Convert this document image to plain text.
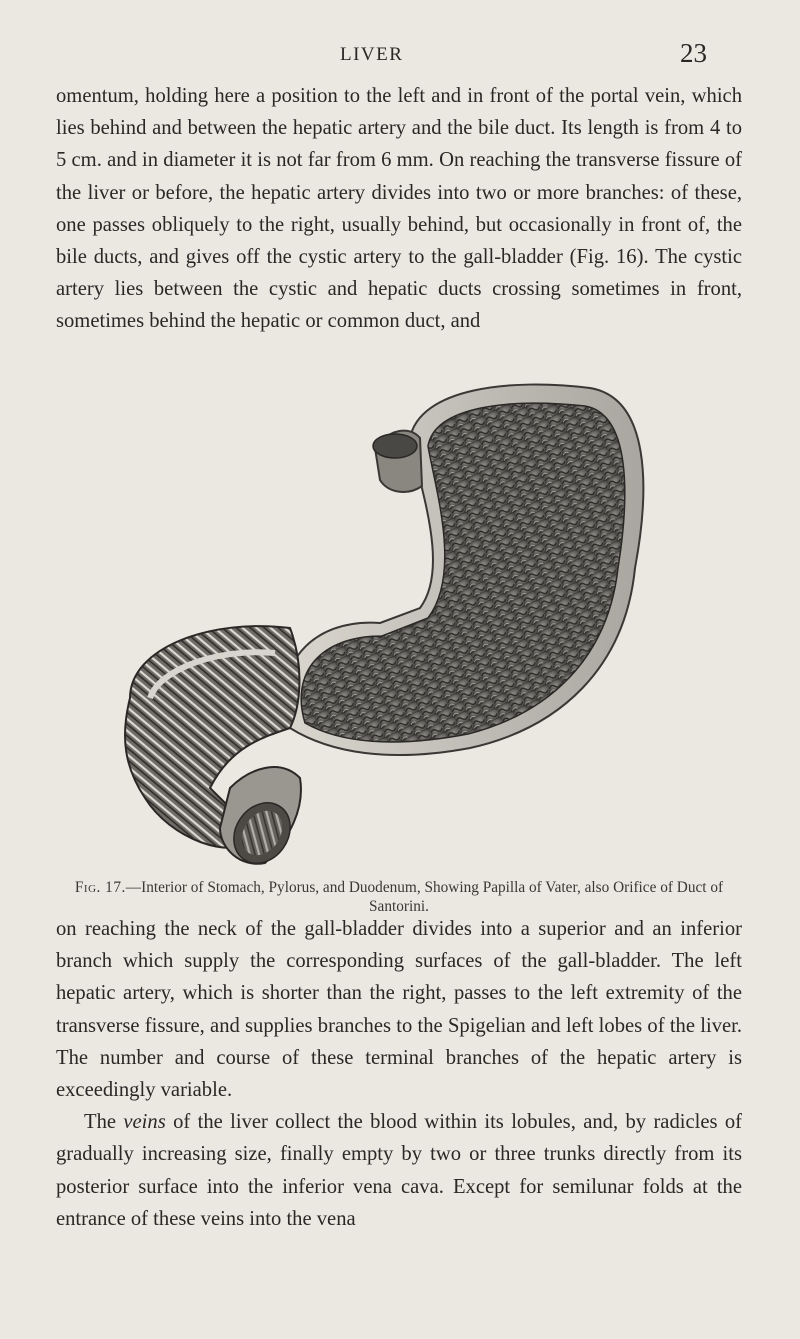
LIVER	23

omentum, holding here a position to the left and in front of the portal vein, which lies behind and between the hepatic artery and the bile duct. Its length is from 4 to 5 cm. and in diameter it is not far from 6 mm. On reaching the transverse fissure of the liver or before, the hepatic artery divides into two or more branches: of these, one passes obliquely to the right, usually behind, but occasionally in front of, the bile ducts, and gives off the cystic artery to the gall-bladder (Fig. 16). The cystic artery lies between the cystic and hepatic ducts crossing sometimes in front, sometimes behind the hepatic or common duct, and

Fig. 17.—Interior of Stomach, Pylorus, and Duodenum, Showing Papilla of Vater, also Orifice of Duct of Santorini.

on reaching the neck of the gall-bladder divides into a superior and an inferior branch which supply the corresponding surfaces of the gall-bladder. The left hepatic artery, which is shorter than the right, passes to the left extremity of the transverse fissure, and supplies branches to the Spigelian and left lobes of the liver. The number and course of these terminal branches of the hepatic artery is exceedingly variable.

The veins of the liver collect the blood within its lobules, and, by radicles of gradually increasing size, finally empty by two or three trunks directly from its posterior surface into the inferior vena cava. Except for semilunar folds at the entrance of these veins into the vena
